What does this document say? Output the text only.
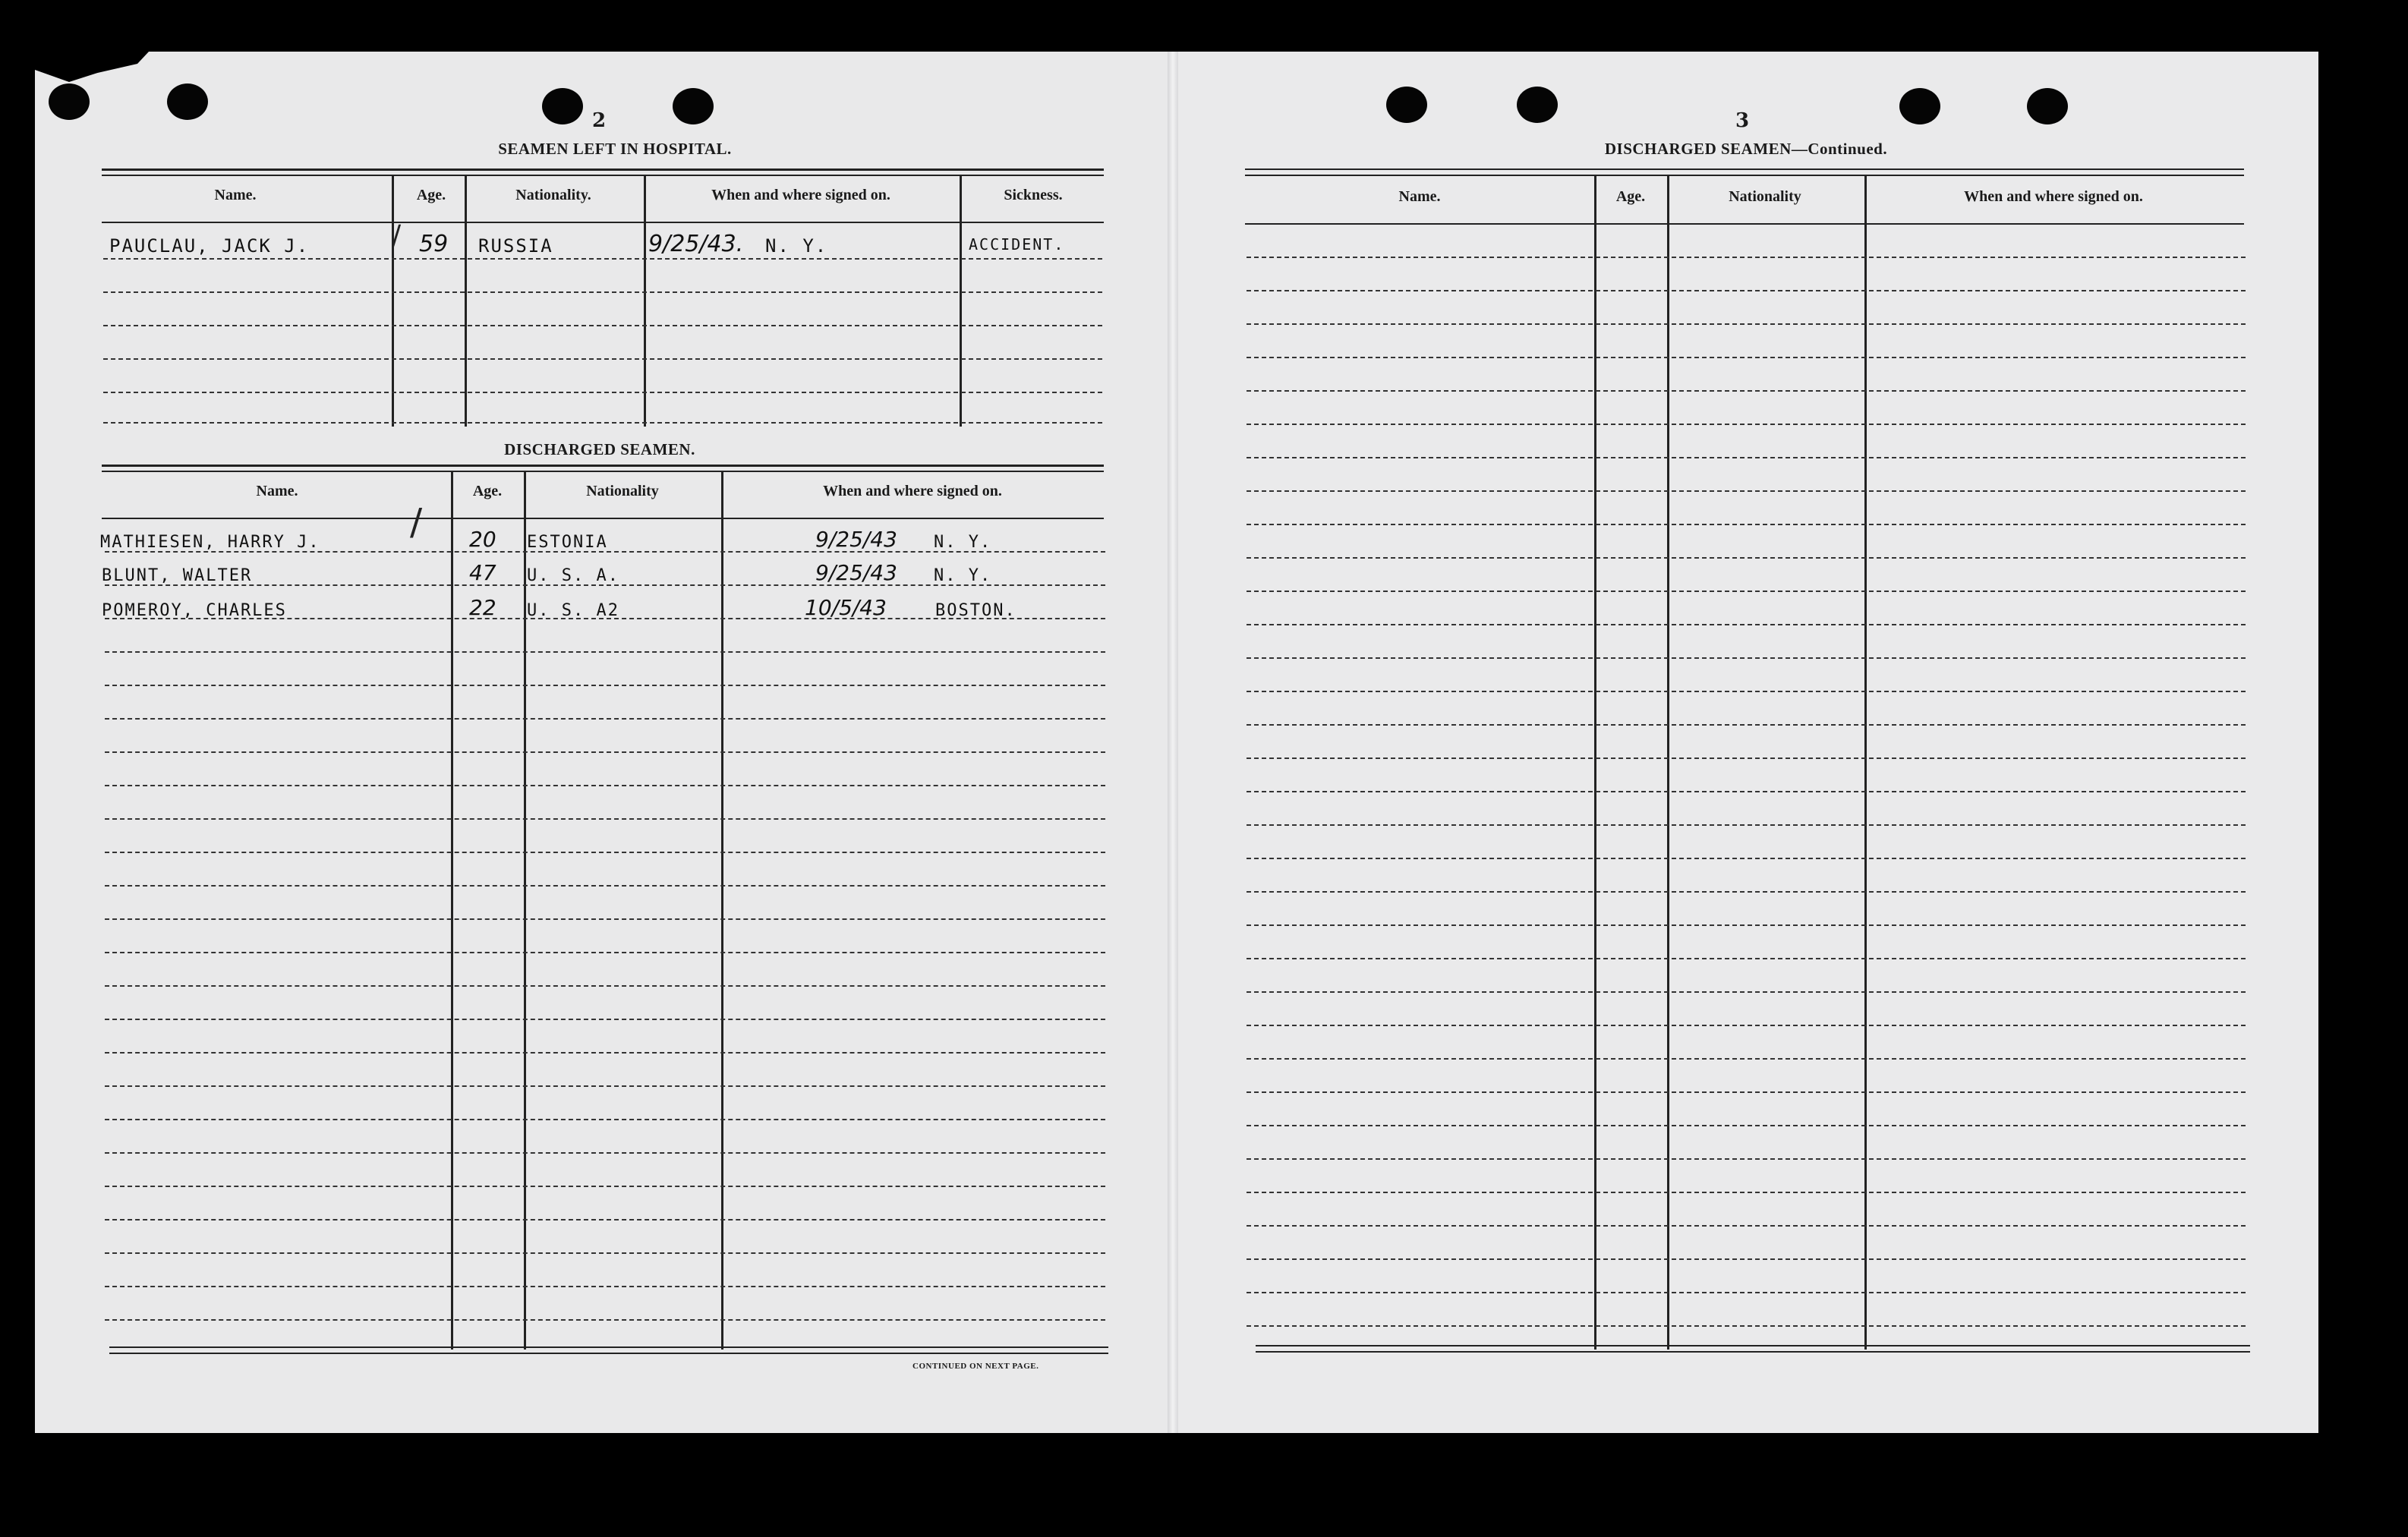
2
SEAMEN LEFT IN HOSPITAL.
Name.	Age.	Nationality.	When and where signed on.	Sickness.
PAUCLAU, JACK J.	∕ 59 RUSSIA	9/25/43. N. Y.	ACCIDENT.
DISCHARGED SEAMEN.
Name.	Age.	Nationality	When and where signed on.
∕
MATHIESEN, HARRY J.	20 ESTONIA	9/25/43 N. Y.
BLUNT, WALTER	47 U. S. A.	9/25/43 N. Y.
POMEROY, CHARLES	22 U. S. A2	10/5/43	BOSTON.
CONTINUED ON NEXT PAGE.
3
DISCHARGED SEAMEN—Continued.
Name.	Age.	Nationality	When and where signed on.
